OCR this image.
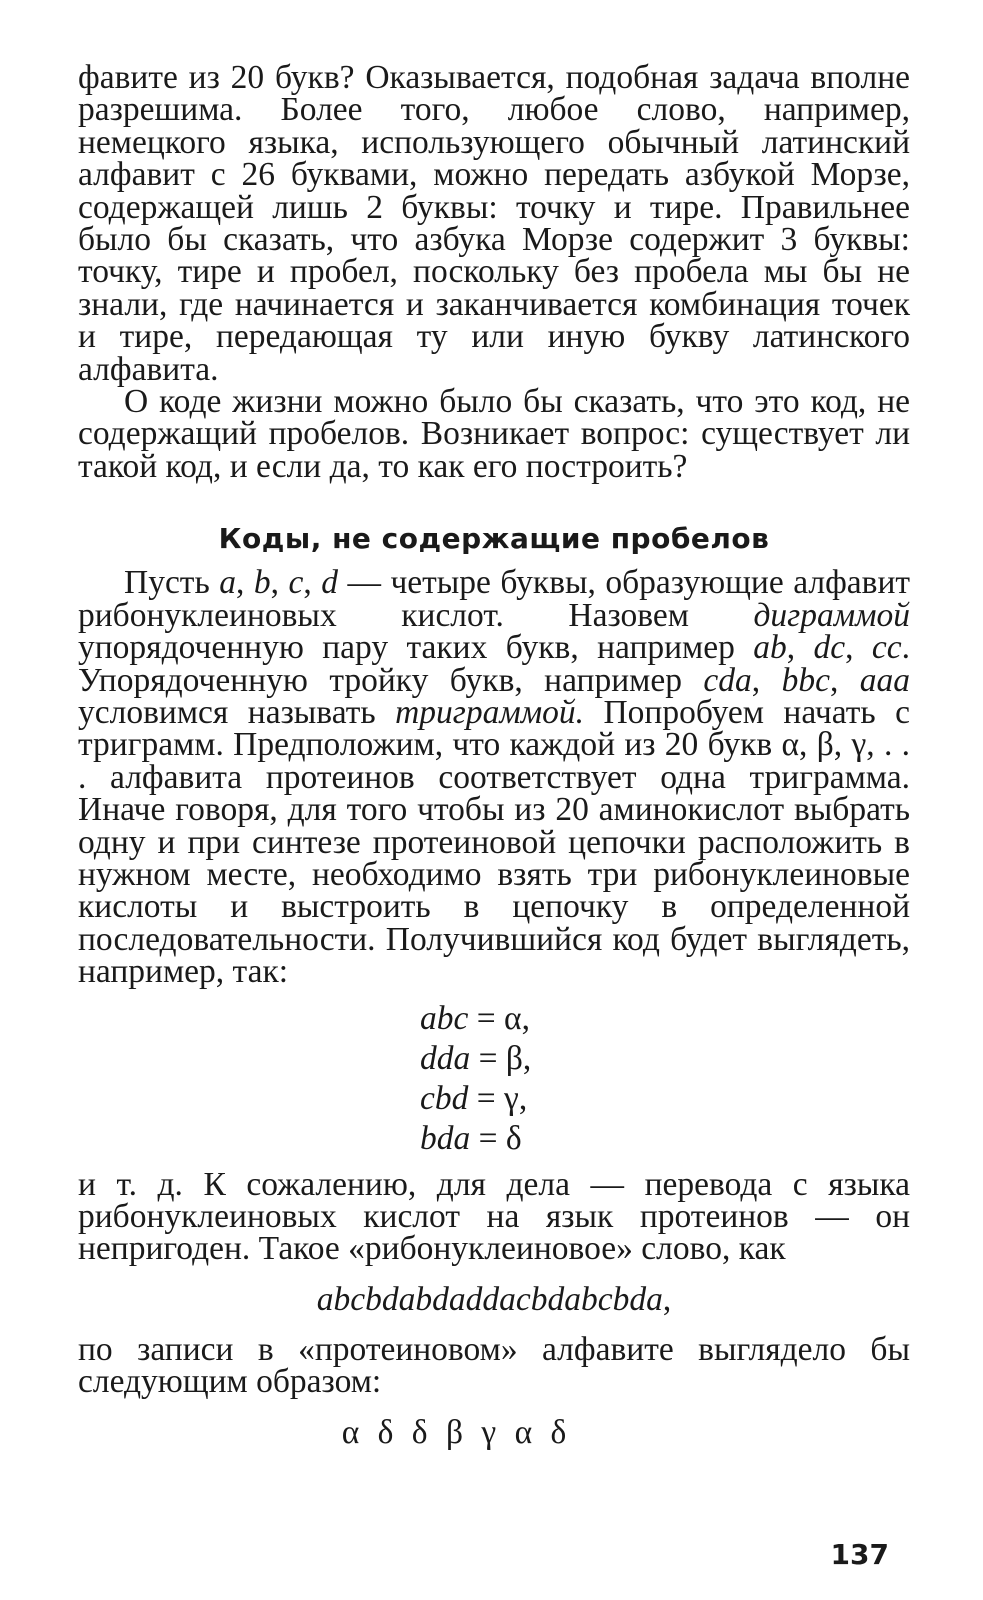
фавите из 20 букв? Оказывается, подобная задача вполне разрешима. Более того, любое слово, например, немецкого языка, использующего обычный латинский алфавит с 26 буквами, можно передать азбукой Морзе, содержащей лишь 2 буквы: точку и тире. Правильнее было бы сказать, что азбука Морзе содержит 3 буквы: точку, тире и пробел, поскольку без пробела мы бы не знали, где начинается и заканчивается комбинация точек и тире, передающая ту или иную букву латинского алфавита.

О коде жизни можно было бы сказать, что это код, не содержащий пробелов. Возникает вопрос: существует ли такой код, и если да, то как его построить?

Коды, не содержащие пробелов

Пусть a, b, c, d — четыре буквы, образующие алфавит рибонуклеиновых кислот. Назовем диграммой упорядоченную пару таких букв, например ab, dc, cc. Упорядоченную тройку букв, например cda, bbc, aaa условимся называть триграммой. Попробуем начать с триграмм. Предположим, что каждой из 20 букв α, β, γ, . . . алфавита протеинов соответствует одна триграмма. Иначе говоря, для того чтобы из 20 аминокислот выбрать одну и при синтезе протеиновой цепочки расположить в нужном месте, необходимо взять три рибонуклеиновые кислоты и выстроить в цепочку в определенной последовательности. Получившийся код будет выглядеть, например, так:

abc = α,
dda = β,
cbd = γ,
bda = δ

и т. д. К сожалению, для дела — перевода с языка рибонуклеиновых кислот на язык протеинов — он непригоден. Такое «рибонуклеиновое» слово, как

abcbdabdaddacbdabcbda,

по записи в «протеиновом» алфавите выглядело бы следующим образом:

α δ δ β γ α δ
137
